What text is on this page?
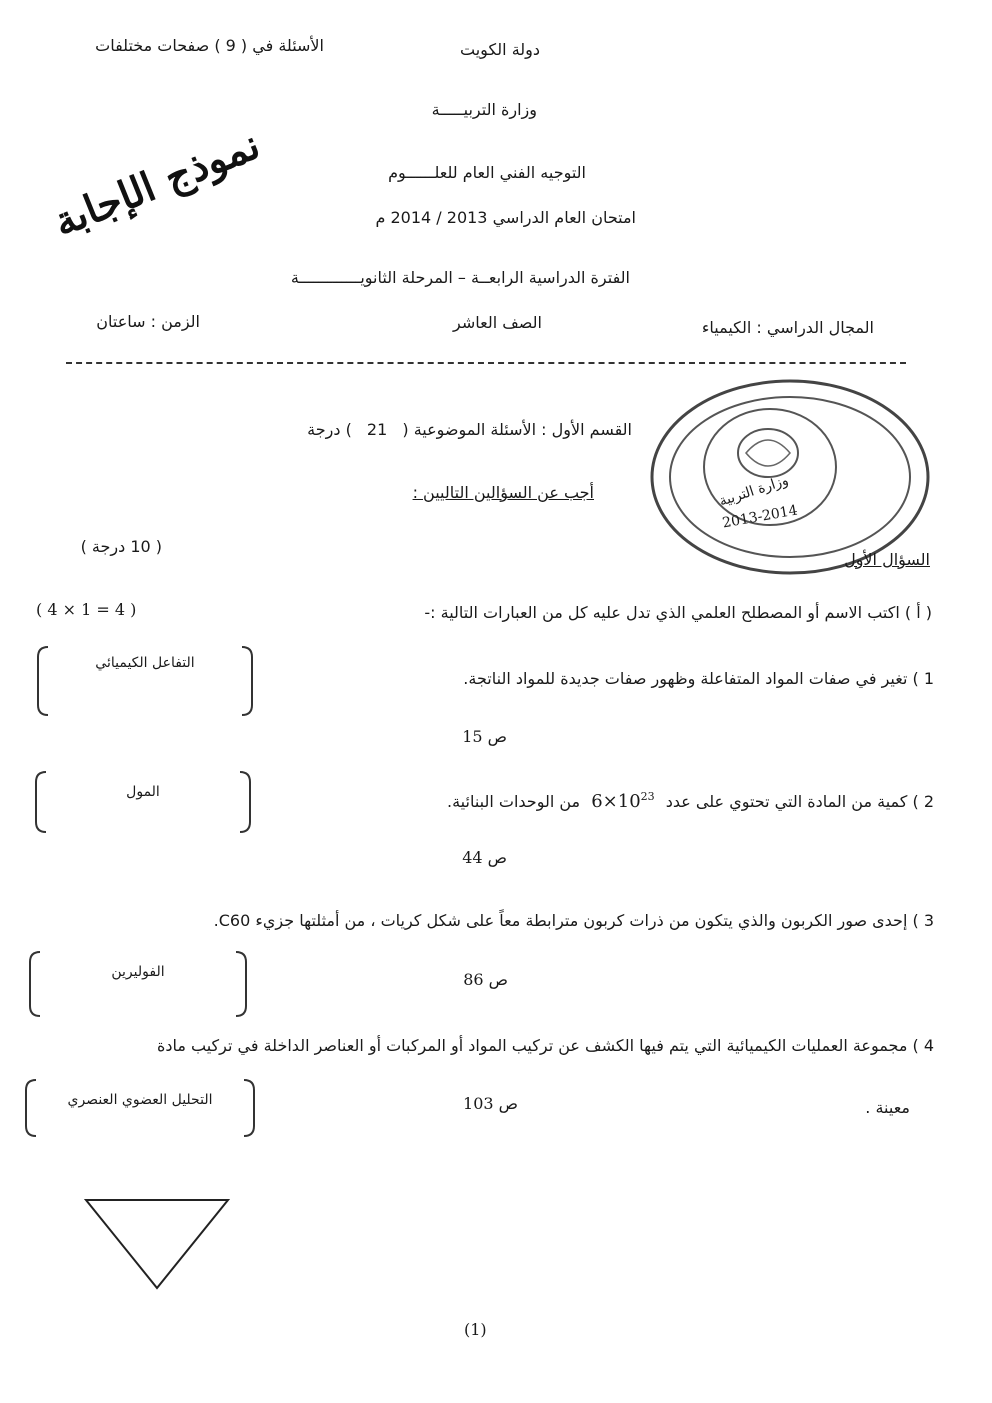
دولة الكويت
الأسئلة في ( 9 ) صفحات مختلفات
وزارة التربيـــــة
التوجيه الفني العام للعلــــــوم
امتحان العام الدراسي 2013 / 2014 م
الفترة الدراسية الرابعــة – المرحلة الثانويـــــــــــــة
المجال الدراسي : الكيمياء
الصف العاشر
الزمن : ساعتان
نموذج الإجابة
وزارة التربية
2013-2014
القسم الأول : الأسئلة الموضوعية ( 21 ) درجة
أجب عن السؤالين التاليين :
السؤال الأول
( 10 درجة )
( أ ) اكتب الاسم أو المصطلح العلمي الذي تدل عليه كل من العبارات التالية :-
( 4 × 1 = 4 )
1 ) تغير في صفات المواد المتفاعلة وظهور صفات جديدة للمواد الناتجة.
التفاعل الكيميائي
ص 15
2 ) كمية من المادة التي تحتوي على عدد $6\times 10^{23}$ من الوحدات البنائية.
المول
ص 44
3 ) إحدى صور الكربون والذي يتكون من ذرات كربون مترابطة معاً على شكل كريات ، من أمثلتها جزيء C60.
الفوليرين	ص 86
4 ) مجموعة العمليات الكيميائية التي يتم فيها الكشف عن تركيب المواد أو المركبات أو العناصر الداخلة في تركيب مادة
معينة .
التحليل العضوي العنصري	ص 103
(1)
